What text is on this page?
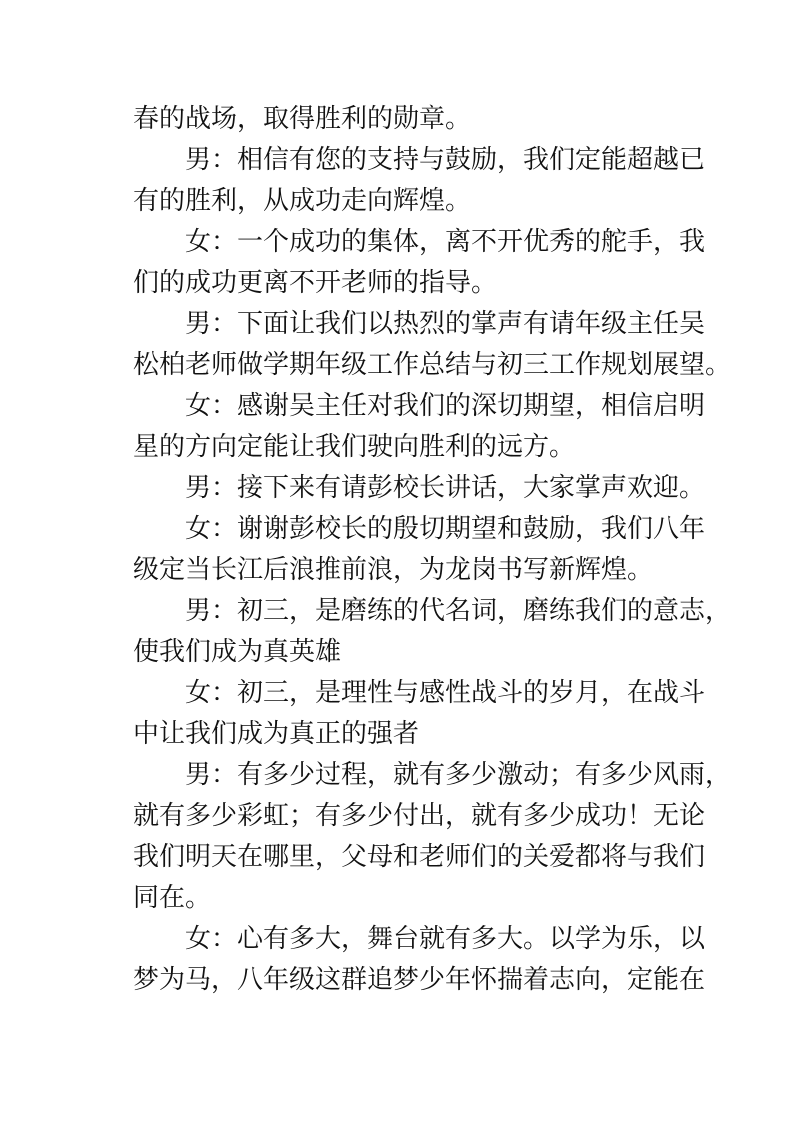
春的战场，取得胜利的勋章。
男：相信有您的支持与鼓励，我们定能超越已
有的胜利，从成功走向辉煌。
女：一个成功的集体，离不开优秀的舵手，我
们的成功更离不开老师的指导。
男：下面让我们以热烈的掌声有请年级主任吴
松柏老师做学期年级工作总结与初三工作规划展望。
女：感谢吴主任对我们的深切期望，相信启明
星的方向定能让我们驶向胜利的远方。
男：接下来有请彭校长讲话，大家掌声欢迎。
女：谢谢彭校长的殷切期望和鼓励，我们八年
级定当长江后浪推前浪，为龙岗书写新辉煌。
男：初三，是磨练的代名词，磨练我们的意志，
使我们成为真英雄
女：初三，是理性与感性战斗的岁月，在战斗
中让我们成为真正的强者
男：有多少过程，就有多少激动；有多少风雨，
就有多少彩虹；有多少付出，就有多少成功！无论
我们明天在哪里，父母和老师们的关爱都将与我们
同在。
女：心有多大，舞台就有多大。以学为乐，以
梦为马，八年级这群追梦少年怀揣着志向，定能在
